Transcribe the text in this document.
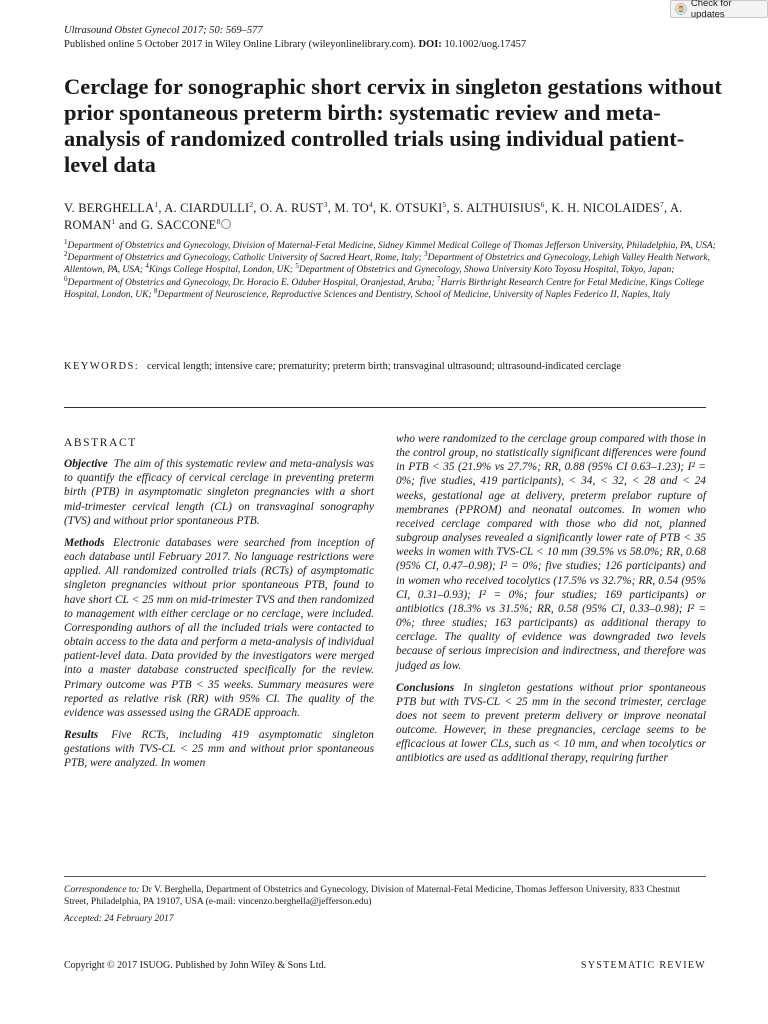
Ultrasound Obstet Gynecol 2017; 50: 569–577
Published online 5 October 2017 in Wiley Online Library (wileyonlinelibrary.com). DOI: 10.1002/uog.17457
Check for updates
Cerclage for sonographic short cervix in singleton gestations without prior spontaneous preterm birth: systematic review and meta-analysis of randomized controlled trials using individual patient-level data
V. BERGHELLA$^1$, A. CIARDULLI$^2$, O. A. RUST$^3$, M. $TO^4$, K. OTSUKI$^5$, S. ALTHUISIUS$^6$, K. H. NICOLAIDES$^7$, A. ROMAN$^1$ and G. SACCONE$^8$
$^1$Department of Obstetrics and Gynecology, Division of Maternal-Fetal Medicine, Sidney Kimmel Medical College of Thomas Jefferson University, Philadelphia, PA, USA; $^2$Department of Obstetrics and Gynecology, Catholic University of Sacred Heart, Rome, Italy; $^3$Department of Obstetrics and Gynecology, Lehigh Valley Health Network, Allentown, PA, USA; $^4$Kings College Hospital, London, UK; $^5$Department of Obstetrics and Gynecology, Showa University Koto Toyosu Hospital, Tokyo, Japan; $^6$Department of Obstetrics and Gynecology, Dr. Horacio E. Oduber Hospital, Oranjestad, Aruba; $^7$Harris Birthright Research Centre for Fetal Medicine, Kings College Hospital, London, UK; $^8$Department of Neuroscience, Reproductive Sciences and Dentistry, School of Medicine, University of Naples Federico II, Naples, Italy
KEYWORDS: cervical length; intensive care; prematurity; preterm birth; transvaginal ultrasound; ultrasound-indicated cerclage
ABSTRACT

Objective The aim of this systematic review and meta-analysis was to quantify the efficacy of cervical cerclage in preventing preterm birth (PTB) in asymptomatic singleton pregnancies with a short mid-trimester cervical length (CL) on transvaginal sonography (TVS) and without prior spontaneous PTB.

Methods Electronic databases were searched from inception of each database until February 2017. No language restrictions were applied. All randomized controlled trials (RCTs) of asymptomatic singleton pregnancies without prior spontaneous PTB, found to have short CL < 25 mm on mid-trimester TVS and then randomized to management with either cerclage or no cerclage, were included. Corresponding authors of all the included trials were contacted to obtain access to the data and perform a meta-analysis of individual patient-level data. Data provided by the investigators were merged into a master database constructed specifically for the review. Primary outcome was PTB < 35 weeks. Summary measures were reported as relative risk (RR) with 95% CI. The quality of the evidence was assessed using the GRADE approach.

Results Five RCTs, including 419 asymptomatic singleton gestations with TVS-CL < 25 mm and without prior spontaneous PTB, were analyzed. In women

who were randomized to the cerclage group compared with those in the control group, no statistically significant differences were found in PTB < 35 (21.9% vs 27.7%; RR, 0.88 (95% CI 0.63–1.23); I² = 0%; five studies, 419 participants), < 34, < 32, < 28 and < 24 weeks, gestational age at delivery, preterm prelabor rupture of membranes (PPROM) and neonatal outcomes. In women who received cerclage compared with those who did not, planned subgroup analyses revealed a significantly lower rate of PTB < 35 weeks in women with TVS-CL < 10 mm (39.5% vs 58.0%; RR, 0.68 (95% CI, 0.47–0.98); I² = 0%; five studies; 126 participants) and in women who received tocolytics (17.5% vs 32.7%; RR, 0.54 (95% CI, 0.31–0.93); I² = 0%; four studies; 169 participants) or antibiotics (18.3% vs 31.5%; RR, 0.58 (95% CI, 0.33–0.98); I² = 0%; three studies; 163 participants) as additional therapy to cerclage. The quality of evidence was downgraded two levels because of serious imprecision and indirectness, and therefore was judged as low.

Conclusions In singleton gestations without prior spontaneous PTB but with TVS-CL < 25 mm in the second trimester, cerclage does not seem to prevent preterm delivery or improve neonatal outcome. However, in these pregnancies, cerclage seems to be efficacious at lower CLs, such as < 10 mm, and when tocolytics or antibiotics are used as additional therapy, requiring further

Correspondence to: Dr V. Berghella, Department of Obstetrics and Gynecology, Division of Maternal-Fetal Medicine, Thomas Jefferson University, 833 Chestnut Street, Philadelphia, PA 19107, USA (e-mail: vincenzo.berghella@jefferson.edu)
Accepted: 24 February 2017
Copyright © 2017 ISUOG. Published by John Wiley & Sons Ltd.	SYSTEMATIC REVIEW
